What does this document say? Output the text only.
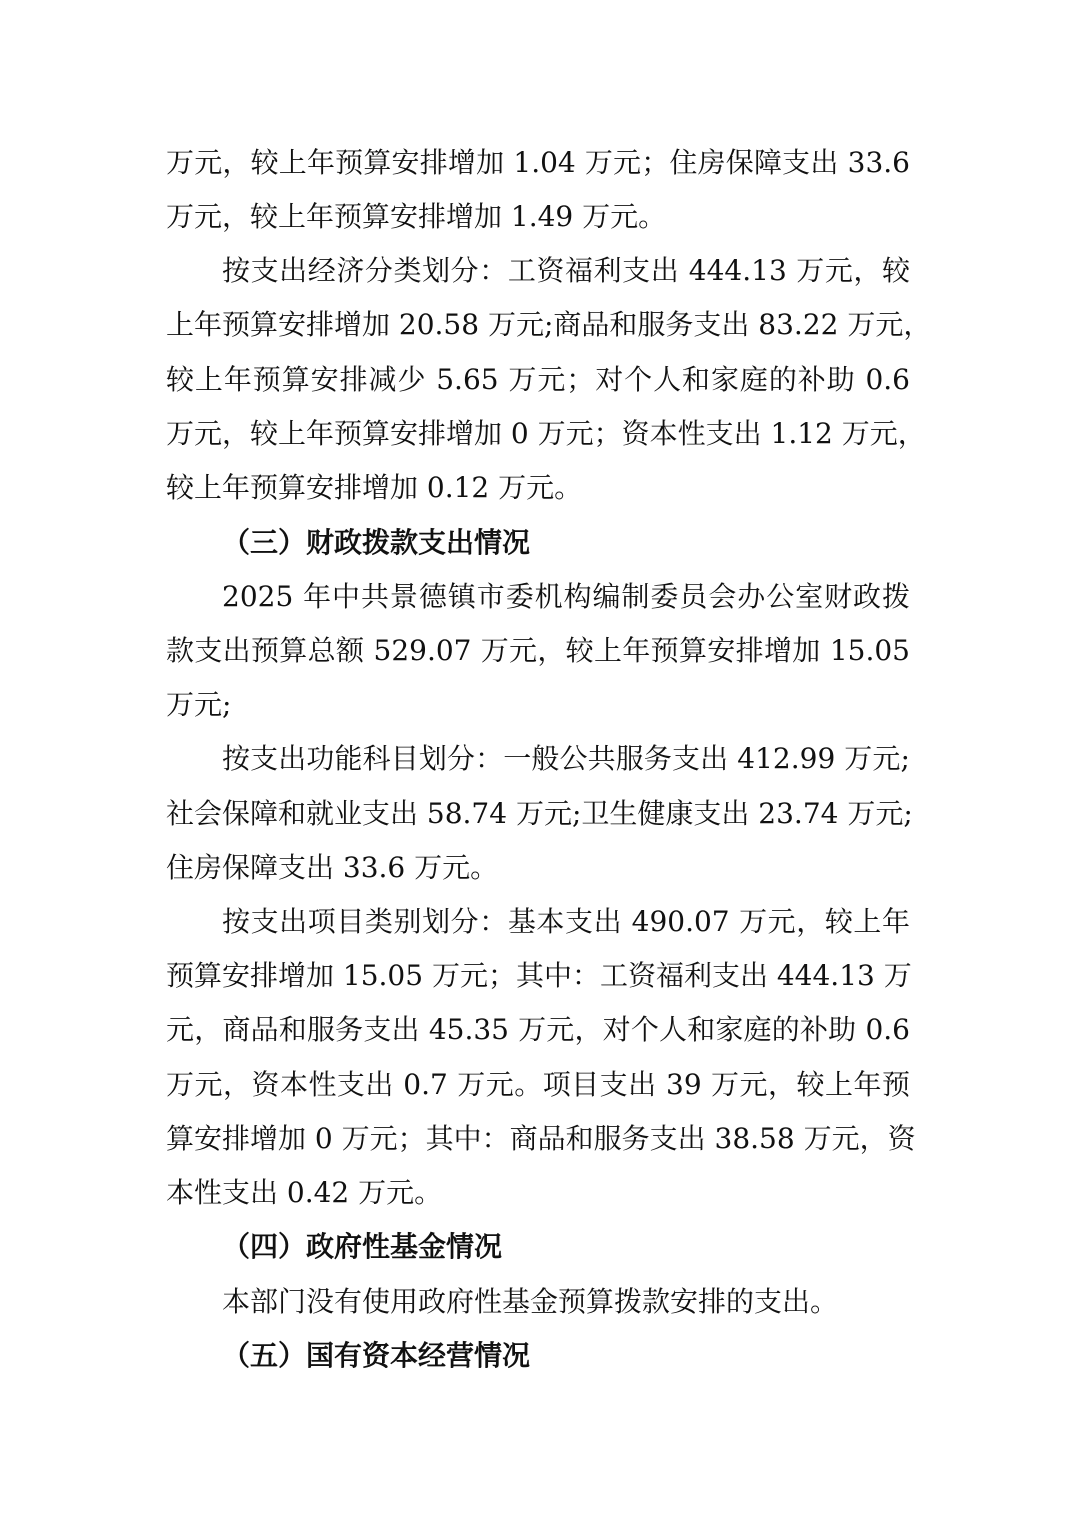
万元，较上年预算安排增加 1.04 万元；住房保障支出 33.6
万元，较上年预算安排增加 1.49 万元。
按支出经济分类划分：工资福利支出 444.13 万元，较
上年预算安排增加 20.58 万元;商品和服务支出 83.22 万元，
较上年预算安排减少 5.65 万元；对个人和家庭的补助 0.6
万元，较上年预算安排增加 0 万元；资本性支出 1.12 万元，
较上年预算安排增加 0.12 万元。
（三）财政拨款支出情况
2025 年中共景德镇市委机构编制委员会办公室财政拨
款支出预算总额 529.07 万元，较上年预算安排增加 15.05
万元;
按支出功能科目划分：一般公共服务支出 412.99 万元;
社会保障和就业支出 58.74 万元;卫生健康支出 23.74 万元;
住房保障支出 33.6 万元。
按支出项目类别划分：基本支出 490.07 万元，较上年
预算安排增加 15.05 万元；其中：工资福利支出 444.13 万
元，商品和服务支出 45.35 万元，对个人和家庭的补助 0.6
万元，资本性支出 0.7 万元。项目支出 39 万元，较上年预
算安排增加 0 万元；其中：商品和服务支出 38.58 万元，资
本性支出 0.42 万元。
（四）政府性基金情况
本部门没有使用政府性基金预算拨款安排的支出。
（五）国有资本经营情况
